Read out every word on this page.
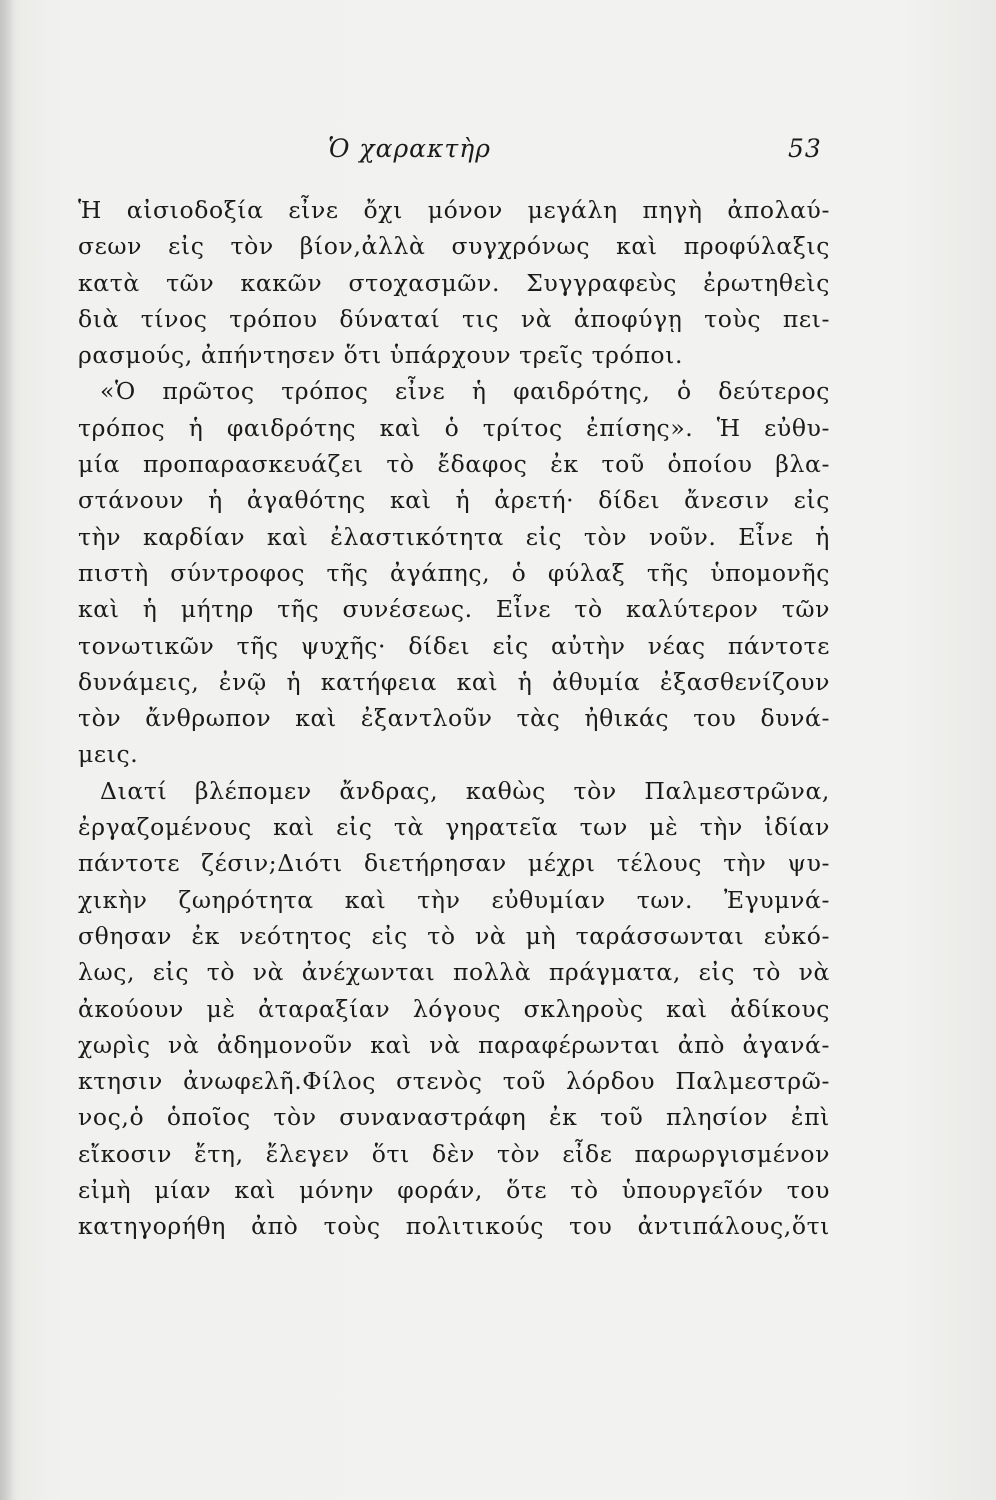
Ὁ χαρακτὴρ	53
Ἡ αἰσιοδοξία εἶνε ὄχι μόνον μεγάλη πηγὴ ἀπολαύ-
σεων εἰς τὸν βίον,ἀλλὰ συγχρόνως καὶ προφύλαξις
κατὰ τῶν κακῶν στοχασμῶν. Συγγραφεὺς ἐρωτηθεὶς
διὰ τίνος τρόπου δύναταί τις νὰ ἀποφύγῃ τοὺς πει-
ρασμούς, ἀπήντησεν ὅτι ὑπάρχουν τρεῖς τρόποι.
«Ὁ πρῶτος τρόπος εἶνε ἡ φαιδρότης, ὁ δεύτερος
τρόπος ἡ φαιδρότης καὶ ὁ τρίτος ἐπίσης». Ἡ εὐθυ-
μία προπαρασκευάζει τὸ ἔδαφος ἐκ τοῦ ὁποίου βλα-
στάνουν ἡ ἀγαθότης καὶ ἡ ἀρετή· δίδει ἄνεσιν εἰς
τὴν καρδίαν καὶ ἐλαστικότητα εἰς τὸν νοῦν. Εἶνε ἡ
πιστὴ σύντροφος τῆς ἀγάπης, ὁ φύλαξ τῆς ὑπομονῆς
καὶ ἡ μήτηρ τῆς συνέσεως. Εἶνε τὸ καλύτερον τῶν
τονωτικῶν τῆς ψυχῆς· δίδει εἰς αὐτὴν νέας πάντοτε
δυνάμεις, ἐνῷ ἡ κατήφεια καὶ ἡ ἀθυμία ἐξασθενίζουν
τὸν ἄνθρωπον καὶ ἐξαντλοῦν τὰς ἠθικάς του δυνά-
μεις.
Διατί βλέπομεν ἄνδρας, καθὼς τὸν Παλμεστρῶνα,
ἐργαζομένους καὶ εἰς τὰ γηρατεῖα των μὲ τὴν ἰδίαν
πάντοτε ζέσιν;Διότι διετήρησαν μέχρι τέλους τὴν ψυ-
χικὴν ζωηρότητα καὶ τὴν εὐθυμίαν των. Ἐγυμνά-
σθησαν ἐκ νεότητος εἰς τὸ νὰ μὴ ταράσσωνται εὐκό-
λως, εἰς τὸ νὰ ἀνέχωνται πολλὰ πράγματα, εἰς τὸ νὰ
ἀκούουν μὲ ἀταραξίαν λόγους σκληροὺς καὶ ἀδίκους
χωρὶς νὰ ἀδημονοῦν καὶ νὰ παραφέρωνται ἀπὸ ἀγανά-
κτησιν ἀνωφελῆ.Φίλος στενὸς τοῦ λόρδου Παλμεστρῶ-
νος,ὁ ὁποῖος τὸν συναναστράφη ἐκ τοῦ πλησίον ἐπὶ
εἴκοσιν ἔτη, ἔλεγεν ὅτι δὲν τὸν εἶδε παρωργισμένον
εἰμὴ μίαν καὶ μόνην φοράν, ὅτε τὸ ὑπουργεῖόν του
κατηγορήθη ἀπὸ τοὺς πολιτικούς του ἀντιπάλους,ὅτι
